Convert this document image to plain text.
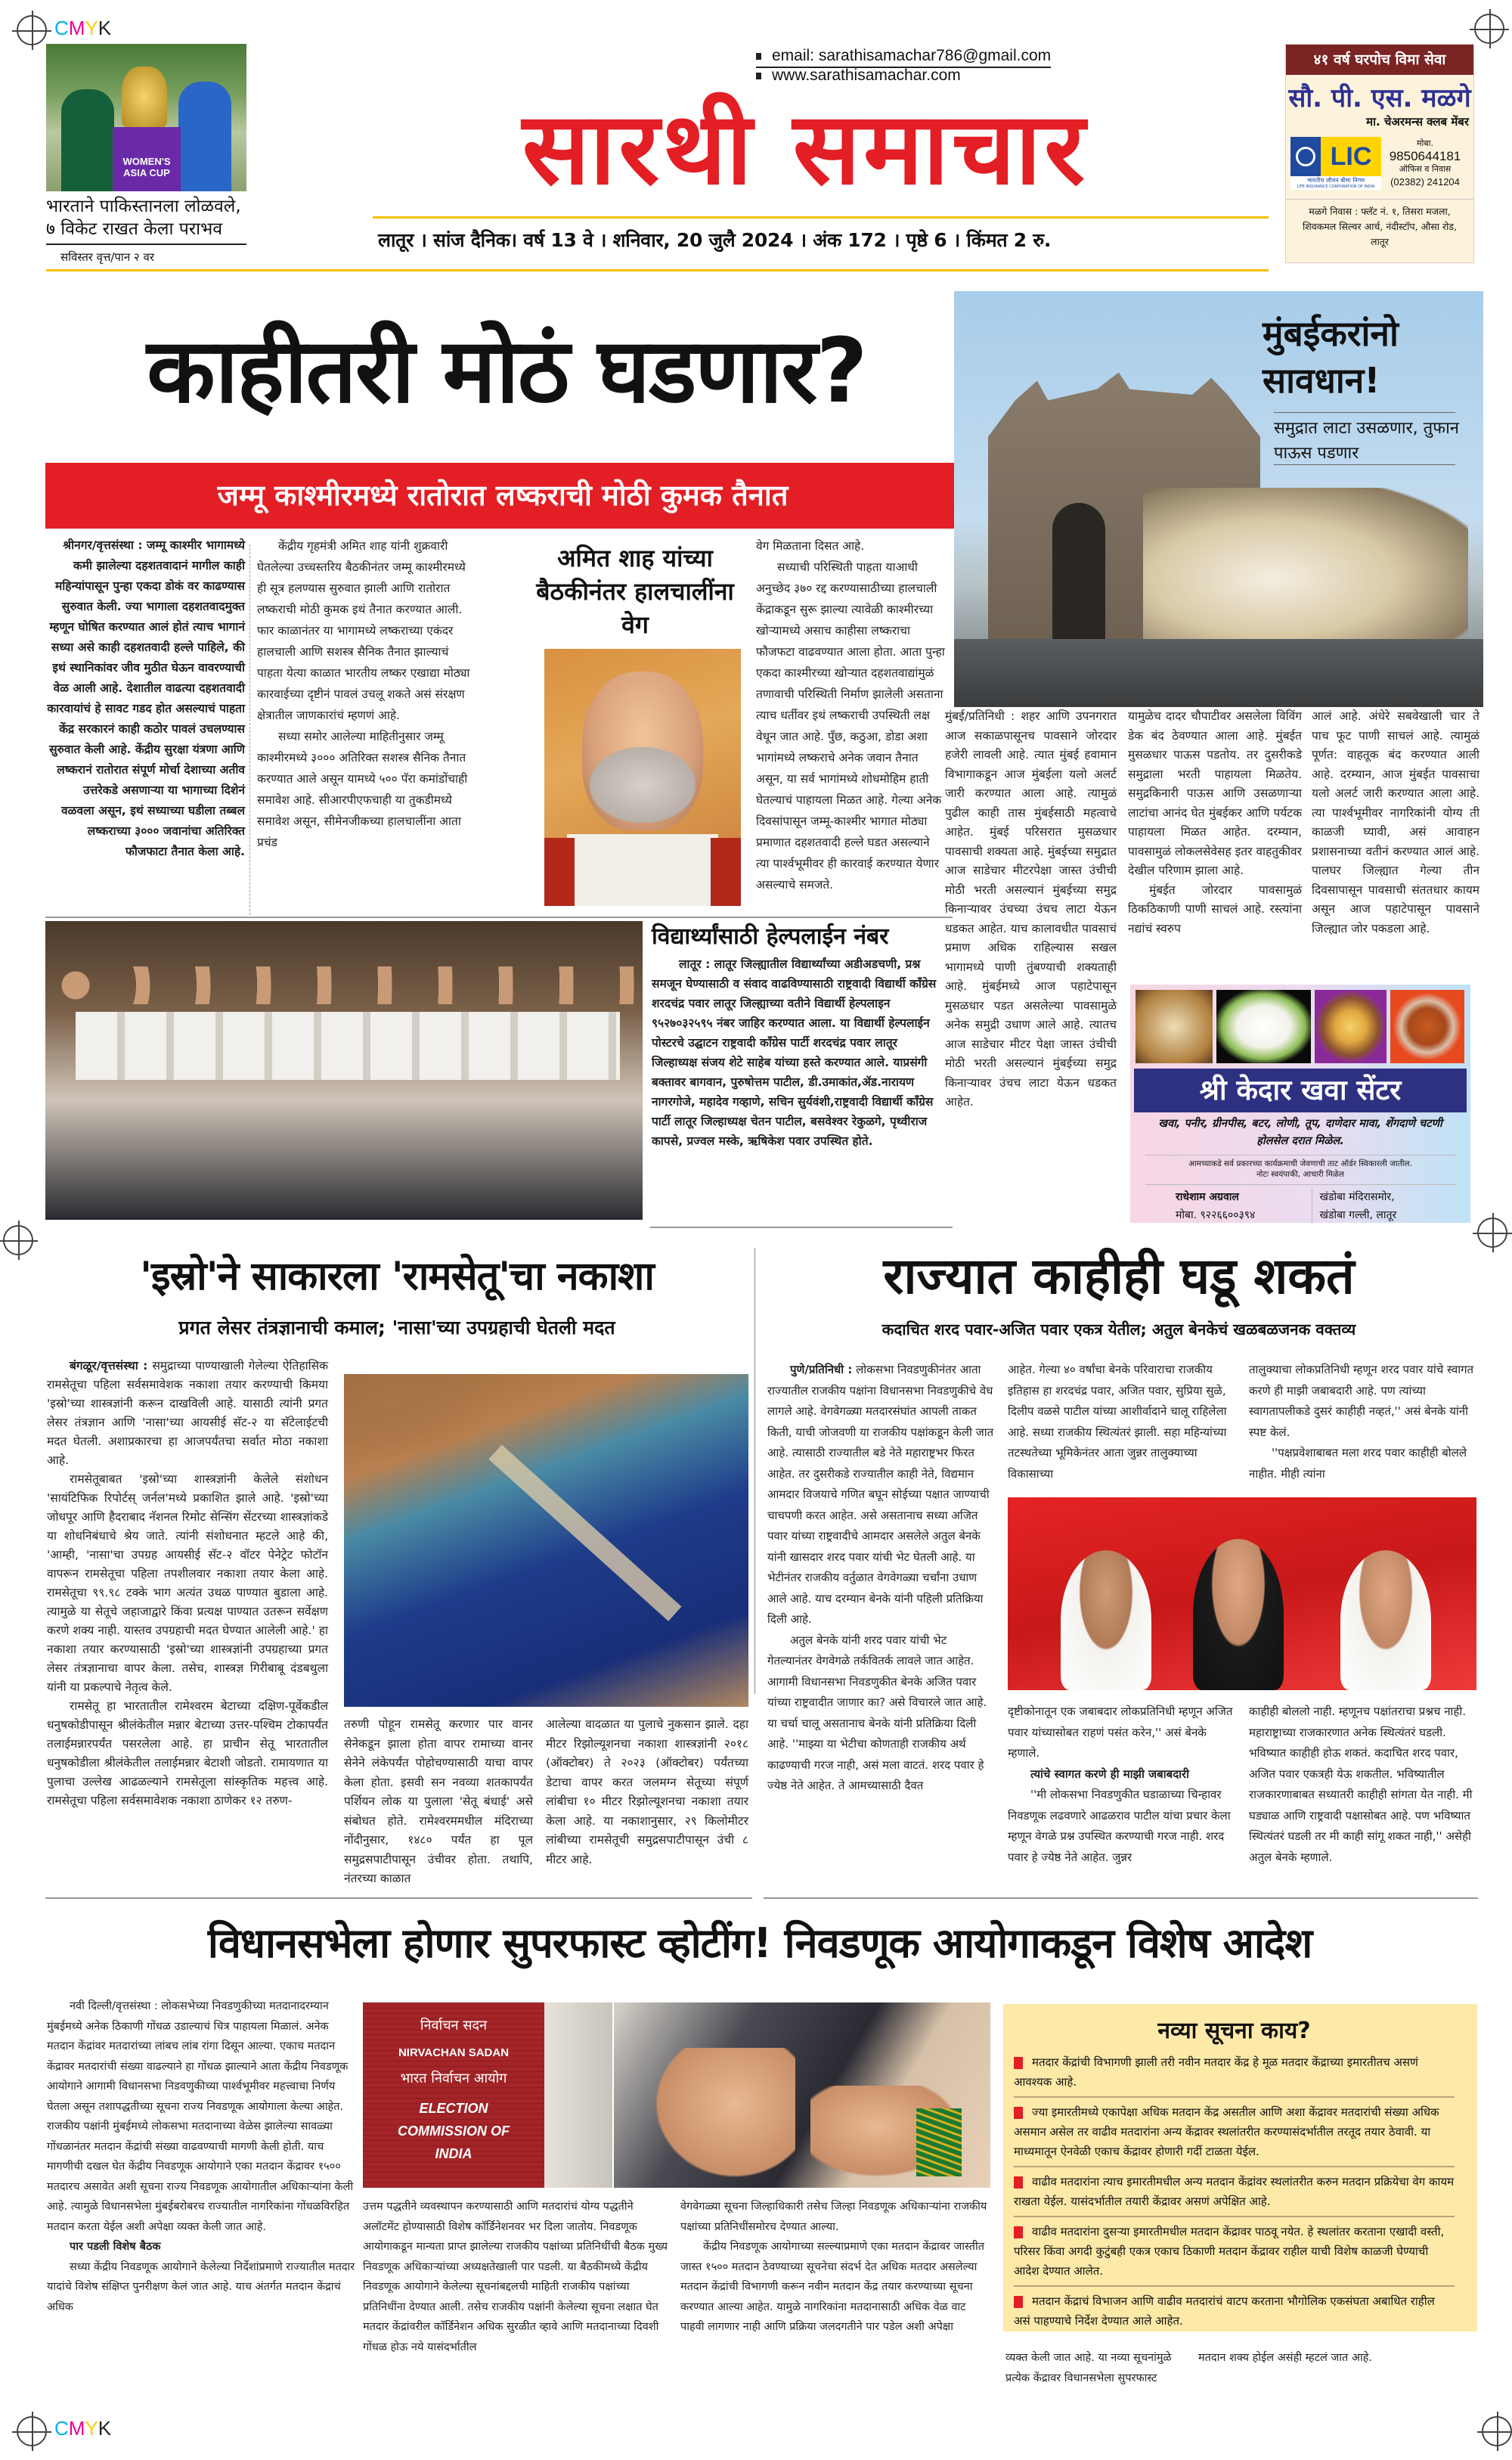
CMYK
CMYK
WOMEN'S ASIA CUP
भारताने पाकिस्तानला लोळवले, ७ विकेट राखत केला पराभव
सविस्तर वृत्त/पान २ वर
email: sarathisamachar786@gmail.com
www.sarathisamachar.com
सारथी समाचार
लातूर । सांज दैनिक। वर्ष 13 वे । शनिवार, 20 जुलै 2024 । अंक 172 । पृष्ठे 6 । किंमत 2 रु.
४१ वर्ष घरपोच विमा सेवा
सौ. पी. एस. मळगे
मा. चेअरमन्स क्लब मेंबर
LIC
भारतीय जीवन बीमा निगम
LIFE INSURANCE CORPORATION OF INDIA
मोबा.
9850644181
ऑफिस व निवास
(02382) 241204
मळगे निवास : फ्लॅट नं. १, तिसरा मजला, शिवकमल सिल्वर आर्च, नंदीस्टॉप, औसा रोड, लातूर
काहीतरी मोठं घडणार?
जम्मू काश्मीरमध्ये रातोरात लष्कराची मोठी कुमक तैनात
श्रीनगर/वृत्तसंस्था : जम्मू काश्मीर भागामध्ये कमी झालेल्या दहशतवादानं मागील काही महिन्यांपासून पुन्हा एकदा डोकं वर काढण्यास सुरुवात केली. ज्या भागाला दहशतवादमुक्त म्हणून घोषित करण्यात आलं होतं त्याच भागानं सध्या असे काही दहशतवादी हल्ले पाहिले, की इथं स्थानिकांवर जीव मुठीत घेऊन वावरण्याची वेळ आली आहे. देशातील वाढत्या दहशतवादी कारवायांचं हे सावट गडद होत असल्याचं पाहता केंद्र सरकारनं काही कठोर पावलं उचलण्यास सुरुवात केली आहे. केंद्रीय सुरक्षा यंत्रणा आणि लष्करानं रातोरात संपूर्ण मोर्चा देशाच्या अतीव उत्तरेकडे असणाऱ्या या भागाच्या दिशेनं वळवला असून, इथं सध्याच्या घडीला तब्बल लष्कराच्या ३००० जवानांचा अतिरिक्त फौजफाटा तैनात केला आहे.
केंद्रीय गृहमंत्री अमित शाह यांनी शुक्रवारी घेतलेल्या उच्चस्तरिय बैठकीनंतर जम्मू काश्मीरमध्ये ही सूत्र हलण्यास सुरुवात झाली आणि रातोरात लष्कराची मोठी कुमक इथं तैनात करण्यात आली. फार काळानंतर या भागामध्ये लष्कराच्या एकंदर हालचाली आणि सशस्त्र सैनिक तैनात झाल्याचं पाहता येत्या काळात भारतीय लष्कर एखाद्या मोठ्या कारवाईच्या दृष्टीनं पावलं उचलू शकते असं संरक्षण क्षेत्रातील जाणकारांचं म्हणणं आहे.
सध्या समोर आलेल्या माहितीनुसार जम्मू काश्मीरमध्ये ३००० अतिरिक्त सशस्त्र सैनिक तैनात करण्यात आले असून यामध्ये ५०० पॅरा कमांडोंचाही समावेश आहे. सीआरपीएफचाही या तुकडीमध्ये समावेश असून, सीमेनजीकच्या हालचालींना आता प्रचंड
अमित शाह यांच्या बैठकीनंतर हालचालींना वेग
वेग मिळताना दिसत आहे.
सध्याची परिस्थिती पाहता याआधी अनुच्छेद ३७० रद्द करण्यासाठीच्या हालचाली केंद्राकडून सुरू झाल्या त्यावेळी काश्मीरच्या खोऱ्यामध्ये असाच काहीसा लष्कराचा फौजफटा वाढवण्यात आला होता. आता पुन्हा एकदा काश्मीरच्या खोऱ्यात दहशतवाद्यांमुळं तणावाची परिस्थिती निर्माण झालेली असताना त्याच धर्तीवर इथं लष्कराची उपस्थिती लक्ष वेधून जात आहे. पुँछ, कठुआ, डोडा अशा भागांमध्ये लष्कराचे अनेक जवान तैनात असून, या सर्व भागांमध्ये शोधमोहिम हाती घेतल्याचं पाहायला मिळत आहे. गेल्या अनेक दिवसांपासून जम्मू-काश्मीर भागात मोठ्या प्रमाणात दहशतवादी हल्ले घडत असल्याने त्या पार्श्वभूमीवर ही कारवाई करण्यात येणार असल्याचे समजते.
मुंबईकरांनो सावधान!
समुद्रात लाटा उसळणार, तुफान पाऊस पडणार
मुंबई/प्रतिनिधी : शहर आणि उपनगरात आज सकाळपासूनच पावसाने जोरदार हजेरी लावली आहे. त्यात मुंबई हवामान विभागाकडून आज मुंबईला यलो अलर्ट जारी करण्यात आला आहे. त्यामुळं पुढील काही तास मुंबईसाठी महत्वाचे आहेत. मुंबई परिसरात मुसळधार पावसाची शक्यता आहे. मुंबईच्या समुद्रात आज साडेचार मीटरपेक्षा जास्त उंचीची मोठी भरती असल्यानं मुंबईच्या समुद्र किनाऱ्यावर उंचच्या उंचच लाटा येऊन धडकत आहेत. याच कालावधीत पावसाचं प्रमाण अधिक राहिल्यास सखल भागामध्ये पाणी तुंबण्याची शक्यताही आहे. मुंबईमध्ये आज पहाटेपासून मुसळधार पडत असलेल्या पावसामुळे अनेक समुद्री उधाण आले आहे. त्यातच आज साडेचार मीटर पेक्षा जास्त उंचीची मोठी भरती असल्यानं मुंबईच्या समुद्र किनाऱ्यावर उंचच लाटा येऊन धडकत आहेत.
यामुळेच दादर चौपाटीवर असलेला विविंग डेक बंद ठेवण्यात आला आहे. मुंबईत मुसळधार पाऊस पडतोय. तर दुसरीकडे समुद्राला भरती पाहायला मिळतेय. समुद्रकिनारी पाऊस आणि उसळणाऱ्या लाटांचा आनंद घेत मुंबईकर आणि पर्यटक पाहायला मिळत आहेत. दरम्यान, पावसामुळं लोकलसेवेसह इतर वाहतुकीवर देखील परिणाम झाला आहे.
मुंबईत जोरदार पावसामुळं ठिकठिकाणी पाणी साचलं आहे. रस्त्यांना नद्यांचं स्वरुप
आलं आहे. अंधेरे सबवेखाली चार ते पाच फूट पाणी साचलं आहे. त्यामुळं पूर्णत: वाहतूक बंद करण्यात आली आहे. दरम्यान, आज मुंबईत पावसाचा यलो अलर्ट जारी करण्यात आला आहे. त्या पार्श्वभूमीवर नागरिकांनी योग्य ती काळजी घ्यावी, असं आवाहन प्रशासनाच्या वतीनं करण्यात आलं आहे. पालघर जिल्ह्यात गेल्या तीन दिवसापासून पावसाची संततधार कायम असून आज पहाटेपासून पावसाने जिल्ह्यात जोर पकडला आहे.
विद्यार्थ्यांसाठी हेल्पलाईन नंबर
लातूर : लातूर जिल्ह्यातील विद्यार्थ्यांच्या अडीअडचणी, प्रश्न समजून घेण्यासाठी व संवाद वाढविण्यासाठी राष्ट्रवादी विद्यार्थी काँग्रेस शरदचंद्र पवार लातूर जिल्ह्याच्या वतीने विद्यार्थी हेल्पलाइन ९५२७०३२५९५ नंबर जाहिर करण्यात आला. या विद्यार्थी हेल्पलाईन पोस्टरचे उद्घाटन राष्ट्रवादी काँग्रेस पार्टी शरदचंद्र पवार लातूर जिल्हाध्यक्ष संजय शेटे साहेब यांच्या हस्ते करण्यात आले. याप्रसंगी बक्तावर बागवान, पुरुषोत्तम पाटील, डी.उमाकांत,ॲड.नारायण नागरगोजे, महादेव गव्हाणे, सचिन सुर्यवंशी,राष्ट्रवादी विद्यार्थी काँग्रेस पार्टी लातूर जिल्हाध्यक्ष चेतन पाटील, बसवेश्वर रेकुळगे, पृथ्वीराज कापसे, प्रज्वल मस्के, ऋषिकेश पवार उपस्थित होते.
श्री केदार खवा सेंटर
खवा, पनीर, ग्रीनपीस, बटर, लोणी, तूप, दाणेदार मावा, शेंगदाणे चटणी होलसेल दरात मिळेल.
आमच्याकडे सर्व प्रकारच्या कार्यक्रमाची जेवणाची ताट ऑर्डर स्विकारली जातील.
नोटः स्वयंपाकी, आचारी मिळेल
राधेशाम अग्रवाल
मोबा. ९२२६६००३९४
खंडोबा मंदिरासमोर,
खंडोबा गल्ली, लातूर
'इस्रो'ने साकारला 'रामसेतू'चा नकाशा
प्रगत लेसर तंत्रज्ञानाची कमाल; 'नासा'च्या उपग्रहाची घेतली मदत
बंगळूर/वृत्तसंस्था : समुद्राच्या पाण्याखाली गेलेल्या ऐतिहासिक रामसेतूचा पहिला सर्वसमावेशक नकाशा तयार करण्याची किमया 'इस्रो'च्या शास्त्रज्ञांनी करून दाखविली आहे. यासाठी त्यांनी प्रगत लेसर तंत्रज्ञान आणि 'नासा'च्या आयसीई सॅट-२ या सॅटेलाईटची मदत घेतली. अशाप्रकारचा हा आजपर्यंतचा सर्वात मोठा नकाशा आहे.
रामसेतूबाबत 'इस्रो'च्या शास्त्रज्ञांनी केलेले संशोधन 'सायंटिफिक रिपोर्टस् जर्नल'मध्ये प्रकाशित झाले आहे. 'इस्रो'च्या जोधपूर आणि हैदराबाद नॅशनल रिमोट सेन्सिंग सेंटरच्या शास्त्रज्ञांकडे या शोधनिबंधाचे श्रेय जाते. त्यांनी संशोधनात म्हटले आहे की, 'आम्ही, 'नासा'चा उपग्रह आयसीई सॅट-२ वॉटर पेनेट्रेट फोटॉन वापरून रामसेतूचा पहिला तपशीलवार नकाशा तयार केला आहे. रामसेतूचा ९९.९८ टक्के भाग अत्यंत उथळ पाण्यात बुडाला आहे. त्यामुळे या सेतूचे जहाजाद्वारे किंवा प्रत्यक्ष पाण्यात उतरून सर्वेक्षण करणे शक्य नाही. यास्तव उपग्रहाची मदत घेण्यात आलेली आहे.' हा नकाशा तयार करण्यासाठी 'इस्रो'च्या शास्त्रज्ञांनी उपग्रहाच्या प्रगत लेसर तंत्रज्ञानाचा वापर केला. तसेच, शास्त्रज्ञ गिरीबाबू दंडबथुला यांनी या प्रकल्पाचे नेतृत्व केले.
रामसेतू हा भारतातील रामेश्वरम बेटाच्या दक्षिण-पूर्वेकडील धनुषकोडीपासून श्रीलंकेतील मन्नार बेटाच्या उत्तर-पश्चिम टोकापर्यंत तलाईमन्नारपर्यंत पसरलेला आहे. हा प्राचीन सेतू भारतातील धनुषकोडीला श्रीलंकेतील तलाईमन्नार बेटाशी जोडतो. रामायणात या पुलाचा उल्लेख आढळल्याने रामसेतूला सांस्कृतिक महत्त्व आहे. रामसेतूचा पहिला सर्वसमावेशक नकाशा ठाणेकर १२ तरुण-
तरुणी पोहून रामसेतू करणार पार वानर सेनेकडून झाला होता वापर रामाच्या वानर सेनेने लंकेपर्यंत पोहोचण्यासाठी याचा वापर केला होता. इसवी सन नवव्या शतकापर्यंत पर्शियन लोक या पुलाला 'सेतू बंधाई' असे संबोधत होते. रामेश्वरममधील मंदिराच्या नोंदीनुसार, १४८० पर्यंत हा पूल समुद्रसपाटीपासून उंचीवर होता. तथापि, नंतरच्या काळात
आलेल्या वादळात या पुलाचे नुकसान झाले. दहा मीटर रिझोल्यूशनचा नकाशा शास्त्रज्ञांनी २०१८ (ऑक्टोबर) ते २०२३ (ऑक्टोबर) पर्यंतच्या डेटाचा वापर करत जलमग्न सेतूच्या संपूर्ण लांबीचा १० मीटर रिझोल्यूशनचा नकाशा तयार केला आहे. या नकाशानुसार, २९ किलोमीटर लांबीच्या रामसेतूची समुद्रसपाटीपासून उंची ८ मीटर आहे.
राज्यात काहीही घडू शकतं
कदाचित शरद पवार-अजित पवार एकत्र येतील; अतुल बेनकेचं खळबळजनक वक्तव्य
पुणे/प्रतिनिधी : लोकसभा निवडणुकीनंतर आता राज्यातील राजकीय पक्षांना विधानसभा निवडणुकीचे वेध लागले आहे. वेगवेगळ्या मतदारसंघांत आपली ताकत किती, याची जोजवणी या राजकीय पक्षांकडून केली जात आहे. त्यासाठी राज्यातील बडे नेते महाराष्ट्रभर फिरत आहेत. तर दुसरीकडे राज्यातील काही नेते, विद्यमान आमदार विजयाचे गणित बघून सोईच्या पक्षात जाण्याची चाचपणी करत आहेत. असे असतानाच सध्या अजित पवार यांच्या राष्ट्रवादीचे आमदार असलेले अतुल बेनके यांनी खासदार शरद पवार यांची भेट घेतली आहे. या भेटीनंतर राजकीय वर्तुळात वेगवेगळ्या चर्चांना उधाण आले आहे. याच दरम्यान बेनके यांनी पहिली प्रतिक्रिया दिली आहे.
अतुल बेनके यांनी शरद पवार यांची भेट गेतल्यानंतर वेगवेगळे तर्कवितर्क लावले जात आहेत. आगामी विधानसभा निवडणुकीत बेनके अजित पवार यांच्या राष्ट्रवादीत जाणार का? असे विचारले जात आहे. या चर्चा चालू असतानाच बेनके यांनी प्रतिक्रिया दिली आहे. ''माझ्या या भेटीचा कोणताही राजकीय अर्थ काढण्याची गरज नाही, असं मला वाटतं. शरद पवार हे ज्येष्ठ नेते आहेत. ते आमच्यासाठी दैवत
आहेत. गेल्या ४० वर्षांचा बेनके परिवाराचा राजकीय इतिहास हा शरदचंद्र पवार, अजित पवार, सुप्रिया सुळे, दिलीप वळसे पाटील यांच्या आशीर्वादाने चालू राहिलेला आहे. सध्या राजकीय स्थित्यंतरं झाली. सहा महिन्यांच्या तटस्थतेच्या भूमिकेनंतर आता जुन्नर तालुक्याच्या विकासाच्या
तालुक्याचा लोकप्रतिनिधी म्हणून शरद पवार यांचे स्वागत करणे ही माझी जबाबदारी आहे. पण त्यांच्या स्वागतापलीकडे दुसरं काहीही नव्हतं,'' असं बेनके यांनी स्पष्ट केलं.
''पक्षप्रवेशाबाबत मला शरद पवार काहीही बोलले नाहीत. मीही त्यांना
दृष्टीकोनातून एक जबाबदार लोकप्रतिनिधी म्हणून अजित पवार यांच्यासोबत राहणं पसंत करेन,'' असं बेनके म्हणाले.
त्यांचे स्वागत करणे ही माझी जबाबदारी
''मी लोकसभा निवडणुकीत घडाळाच्या चिन्हावर निवडणूक लढवणारे आढळराव पाटील यांचा प्रचार केला म्हणून वेगळे प्रश्न उपस्थित करण्याची गरज नाही. शरद पवार हे ज्येष्ठ नेते आहेत. जुन्नर
काहीही बोललो नाही. म्हणूनच पक्षांतराचा प्रश्नच नाही. महाराष्ट्राच्या राजकारणात अनेक स्थित्यंतरं घडली. भविष्यात काहीही होऊ शकतं. कदाचित शरद पवार, अजित पवार एकत्रही येऊ शकतील. भविष्यातील राजकारणाबाबत सध्यातरी काहीही सांगता येत नाही. मी घड्याळ आणि राष्ट्रवादी पक्षासोबत आहे. पण भविष्यात स्थित्यंतरं घडली तर मी काही सांगू शकत नाही,'' असेही अतुल बेनके म्हणाले.
विधानसभेला होणार सुपरफास्ट व्होटींग! निवडणूक आयोगाकडून विशेष आदेश
नवी दिल्ली/वृत्तसंस्था : लोकसभेच्या निवडणुकीच्या मतदानादरम्यान मुंबईमध्ये अनेक ठिकाणी गोंधळ उडाल्याचं चित्र पाहायला मिळालं. अनेक मतदान केंद्रांवर मतदारांच्या लांबच लांब रांगा दिसून आल्या. एकाच मतदान केंद्रावर मतदारांची संख्या वाढल्याने हा गोंधळ झाल्याने आता केंद्रीय निवडणूक आयोगाने आगामी विधानसभा निडवणुकीच्या पार्श्वभूमीवर महत्त्वाचा निर्णय घेतला असून तशापद्धतीच्या सूचना राज्य निवडणूक आयोगाला केल्या आहेत. राजकीय पक्षांनी मुंबईमध्ये लोकसभा मतदानाच्या वेळेस झालेल्या सावळ्या गोंधळानंतर मतदान केंद्रांची संख्या वाढवण्याची मागणी केली होती. याच मागणीची दखल घेत केंद्रीय निवडणूक आयोगाने एका मतदान केंद्रावर १५०० मतदारच असावेत अशी सूचना राज्य निवडणूक आयोगातील अधिकाऱ्यांना केली आहे. त्यामुळे विधानसभेला मुंबईबरोबरच राज्यातील नागरिकांना गोंधळविरहित मतदान करता येईल अशी अपेक्षा व्यक्त केली जात आहे.
पार पडली विशेष बैठक
सध्या केंद्रीय निवडणूक आयोगाने केलेल्या निर्देशांप्रमाणे राज्यातील मतदार यादांचे विशेष संक्षिप्त पुनरीक्षण केलं जात आहे. याच अंतर्गत मतदान केंद्राचं अधिक
निर्वाचन सदन
NIRVACHAN SADAN
भारत निर्वाचन आयोग
ELECTION COMMISSION OF INDIA
उत्तम पद्धतीने व्यवस्थापन करण्यासाठी आणि मतदारांचं योग्य पद्धतीने अलॉटमेंट होण्यासाठी विशेष कॉर्डिनेशनवर भर दिला जातोय. निवडणूक आयोगाकडून मान्यता प्राप्त झालेल्या राजकीय पक्षांच्या प्रतिनिधींची बैठक मुख्य निवडणूक अधिकाऱ्यांच्या अध्यक्षतेखाली पार पडली. या बैठकीमध्ये केंद्रीय निवडणूक आयोगाने केलेल्या सूचनांबद्दलची माहिती राजकीय पक्षांच्या प्रतिनिधींना देण्यात आली. तसेच राजकीय पक्षांनी केलेल्या सूचना लक्षात घेत मतदार केंद्रांवरील कॉर्डिनेशन अधिक सुरळीत व्हावे आणि मतदानाच्या दिवशी गोंधळ होऊ नये यासंदर्भातील
वेगवेगळ्या सूचना जिल्हाधिकारी तसेच जिल्हा निवडणूक अधिकाऱ्यांना राजकीय पक्षांच्या प्रतिनिधींसमोरच देण्यात आल्या.
केंद्रीय निवडणूक आयोगाच्या सल्ल्याप्रमाणे एका मतदान केंद्रावर जास्तीत जास्त १५०० मतदान ठेवण्याच्या सूचनेचा संदर्भ देत अधिक मतदार असलेल्या मतदान केंद्रांची विभागणी करून नवीन मतदान केंद्र तयार करण्याच्या सूचना करण्यात आल्या आहेत. यामुळे नागरिकांना मतदानासाठी अधिक वेळ वाट पाहवी लागणार नाही आणि प्रक्रिया जलदगतीने पार पडेल अशी अपेक्षा
नव्या सूचना काय?
मतदार केंद्रांची विभागणी झाली तरी नवीन मतदार केंद्र हे मूळ मतदार केंद्राच्या इमारतीतच असणं आवश्यक आहे.
ज्या इमारतीमध्ये एकापेक्षा अधिक मतदान केंद्र असतील आणि अशा केंद्रावर मतदारांची संख्या अधिक असमान असेल तर वाढीव मतदारांना अन्य केंद्रावर स्थलांतरीत करण्यासंदर्भातील तरतूद तयार ठेवावी. या माध्यमातून ऐनवेळी एकाच केंद्रावर होणारी गर्दी टाळता येईल.
वाढीव मतदारांना त्याच इमारतीमधील अन्य मतदान केंद्रांवर स्थलांतरीत करुन मतदान प्रक्रियेचा वेग कायम राखता येईल. यासंदर्भातील तयारी केंद्रावर असणं अपेक्षित आहे.
वाढीव मतदारांना दुसऱ्या इमारतीमधील मतदान केंद्रावर पाठवू नयेत. हे स्थलांतर करताना एखादी वस्ती, परिसर किंवा अगदी कुटुंबही एकत्र एकाच ठिकाणी मतदान केंद्रावर राहील याची विशेष काळजी घेण्याची आदेश देण्यात आलेत.
मतदान केंद्राचं विभाजन आणि वाढीव मतदारांचं वाटप करताना भौगोलिक एकसंघता अबाधित राहील असं पाहण्याचे निर्देश देण्यात आले आहेत.
व्यक्त केली जात आहे. या नव्या सूचनांमुळे प्रत्येक केंद्रावर विधानसभेला सुपरफास्ट
मतदान शक्य होईल असंही म्हटलं जात आहे.
